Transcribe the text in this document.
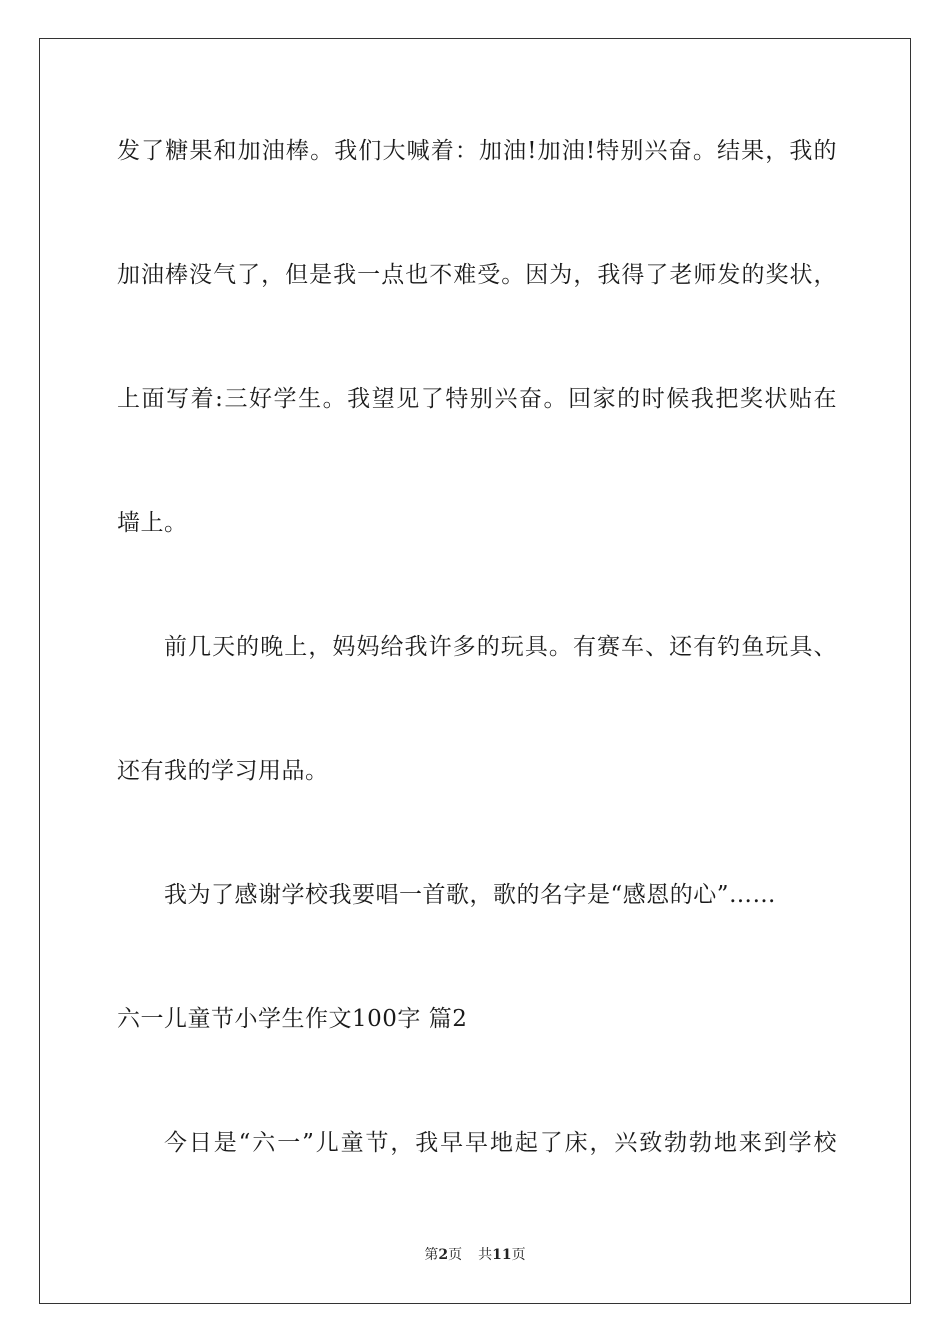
发了糖果和加油棒。我们大喊着：加油!加油!特别兴奋。结果，我的
加油棒没气了，但是我一点也不难受。因为，我得了老师发的奖状，
上面写着:三好学生。我望见了特别兴奋。回家的时候我把奖状贴在
墙上。
前几天的晚上，妈妈给我许多的玩具。有赛车、还有钓鱼玩具、
还有我的学习用品。
我为了感谢学校我要唱一首歌，歌的名字是“感恩的心”……
六一儿童节小学生作文100字 篇2
今日是“六一”儿童节，我早早地起了床，兴致勃勃地来到学校
第2页 共11页
